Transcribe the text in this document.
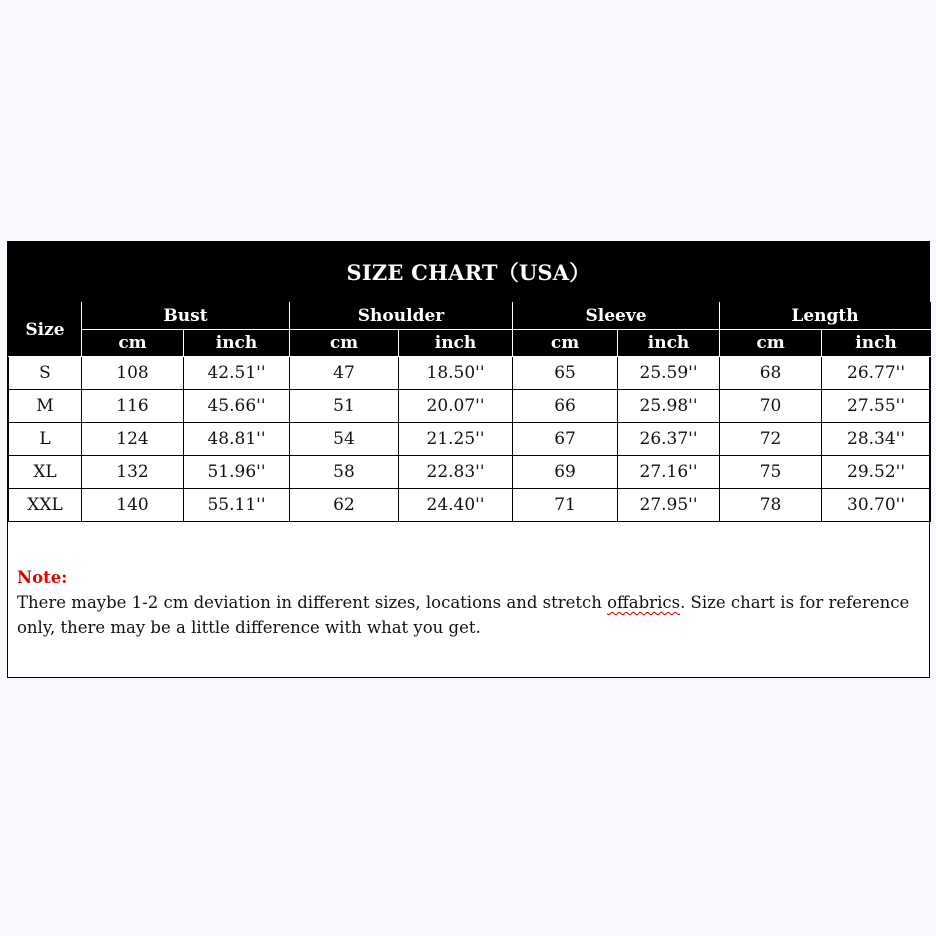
SIZE CHART（USA）
Size	Bust		Shoulder		Sleeve		Length	
	cm	inch	cm	inch	cm	inch	cm	inch
S	108	42.51''	47	18.50''	65	25.59''	68	26.77''
M	116	45.66''	51	20.07''	66	25.98''	70	27.55''
L	124	48.81''	54	21.25''	67	26.37''	72	28.34''
XL	132	51.96''	58	22.83''	69	27.16''	75	29.52''
XXL	140	55.11''	62	24.40''	71	27.95''	78	30.70''
Note:
There maybe 1-2 cm deviation in different sizes, locations and stretch offabrics. Size chart is for reference only, there may be a little difference with what you get.
